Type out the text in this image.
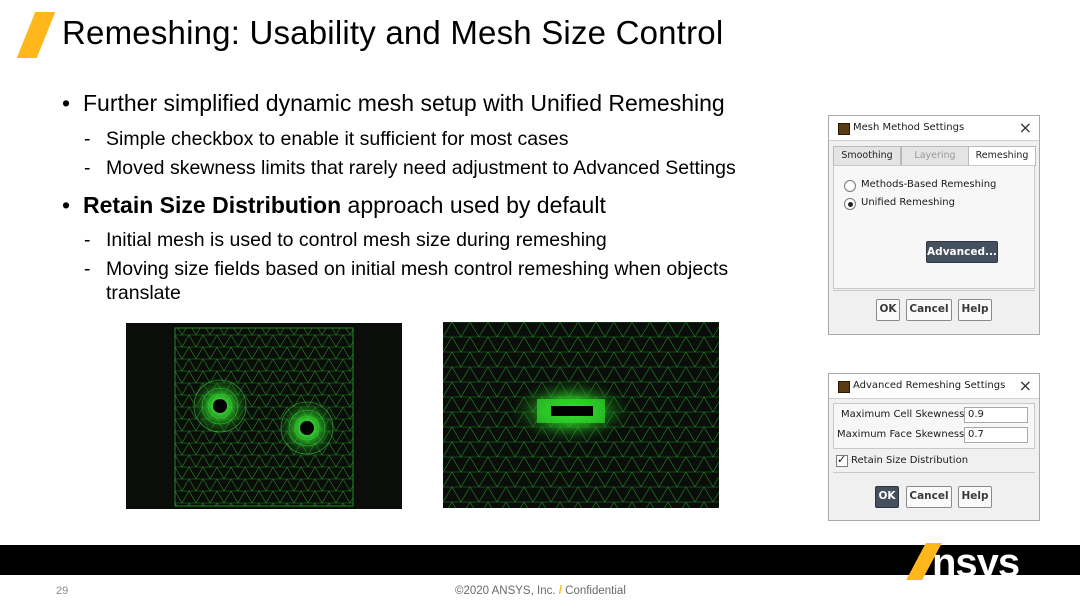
Remeshing: Usability and Mesh Size Control
• Further simplified dynamic mesh setup with Unified Remeshing
- Simple checkbox to enable it sufficient for most cases
- Moved skewness limits that rarely need adjustment to Advanced Settings
• Retain Size Distribution approach used by default
- Initial mesh is used to control mesh size during remeshing
- Moving size fields based on initial mesh control remeshing when objects
translate
Mesh Method Settings	×
Smoothing	Layering	Remeshing
Methods-Based Remeshing
Unified Remeshing
Advanced...
OK	Cancel	Help
Advanced Remeshing Settings ×
Maximum Cell Skewness 0.9
Maximum Face Skewness 0.7
✓
Retain Size Distribution
OK	Cancel	Help
nsys
29	©2020 ANSYS, Inc. / Confidential
